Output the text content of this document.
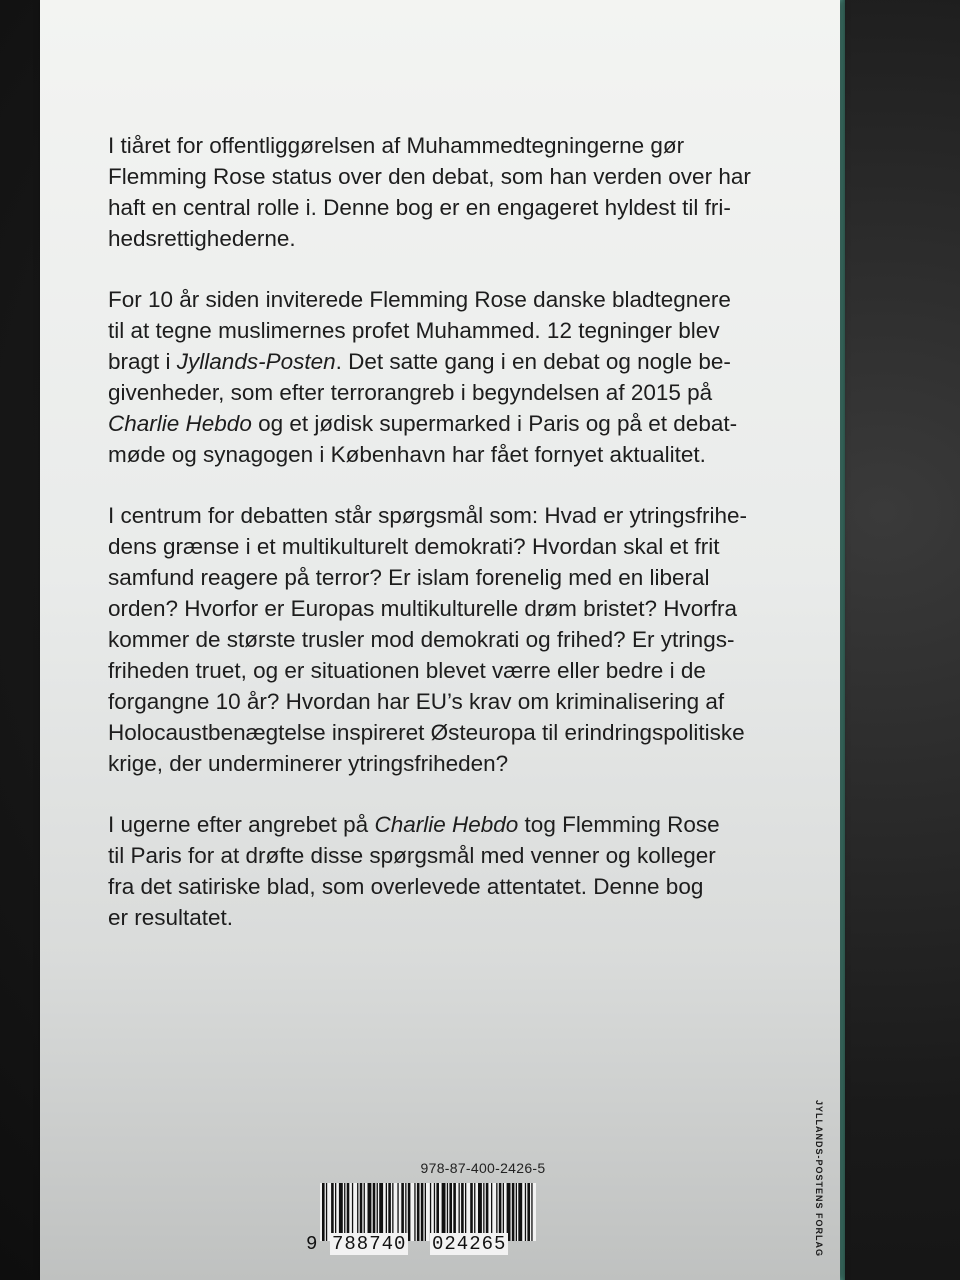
I tiåret for offentliggørelsen af Muhammedtegningerne gør
Flemming Rose status over den debat, som han verden over har
haft en central rolle i. Denne bog er en engageret hyldest til fri-
hedsrettighederne.

For 10 år siden inviterede Flemming Rose danske bladtegnere
til at tegne muslimernes profet Muhammed. 12 tegninger blev
bragt i Jyllands-Posten. Det satte gang i en debat og nogle be-
givenheder, som efter terrorangreb i begyndelsen af 2015 på
Charlie Hebdo og et jødisk supermarked i Paris og på et debat-
møde og synagogen i København har fået fornyet aktualitet.

I centrum for debatten står spørgsmål som: Hvad er ytringsfrihe-
dens grænse i et multikulturelt demokrati? Hvordan skal et frit
samfund reagere på terror? Er islam forenelig med en liberal
orden? Hvorfor er Europas multikulturelle drøm bristet? Hvorfra
kommer de største trusler mod demokrati og frihed? Er ytrings-
friheden truet, og er situationen blevet værre eller bedre i de
forgangne 10 år? Hvordan har EU’s krav om kriminalisering af
Holocaustbenægtelse inspireret Østeuropa til erindringspolitiske
krige, der underminerer ytringsfriheden?

I ugerne efter angrebet på Charlie Hebdo tog Flemming Rose
til Paris for at drøfte disse spørgsmål med venner og kolleger
fra det satiriske blad, som overlevede attentatet. Denne bog
er resultatet.

978-87-400-2426-5
9 788740 024265	JYLLANDS-POSTENS FORLAG
